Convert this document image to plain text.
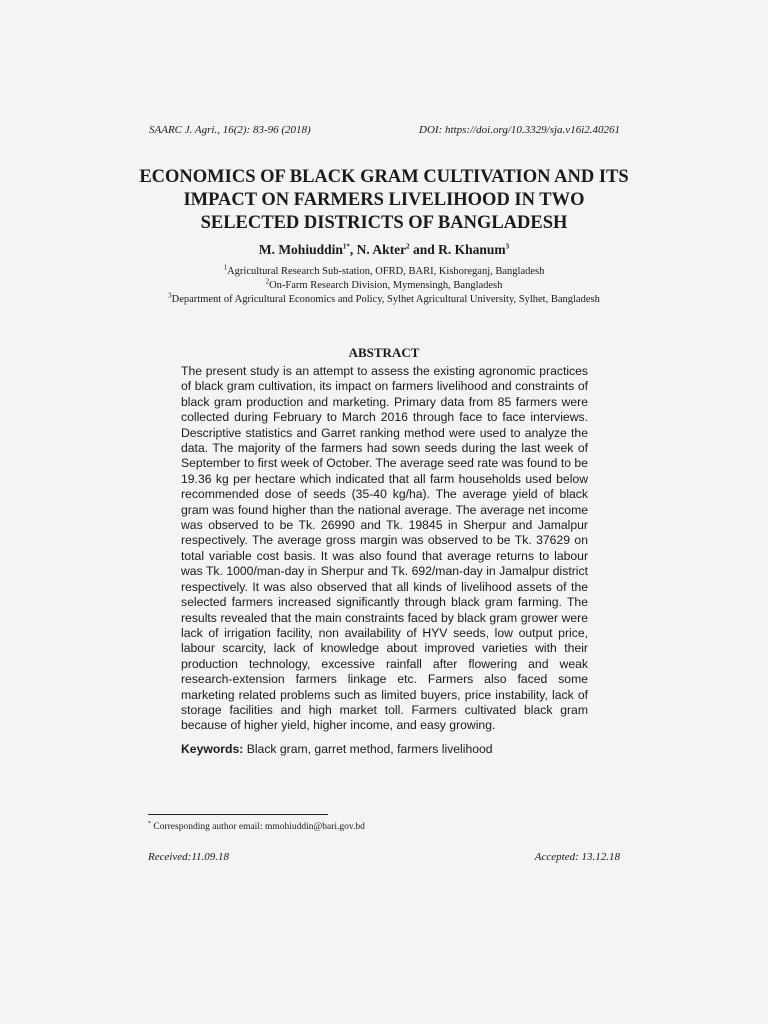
SAARC J. Agri., 16(2): 83-96 (2018)	DOI: https://doi.org/10.3329/sja.v16i2.40261
ECONOMICS OF BLACK GRAM CULTIVATION AND ITS
IMPACT ON FARMERS LIVELIHOOD IN TWO
SELECTED DISTRICTS OF BANGLADESH
M. Mohiuddin$^{1*}$, N. Akter$^2$ and R. Khanum$^3$
$^1$Agricultural Research Sub-station, OFRD, BARI, Kishoreganj, Bangladesh
$^2$On-Farm Research Division, Mymensingh, Bangladesh
$^3$Department of Agricultural Economics and Policy, Sylhet Agricultural University, Sylhet, Bangladesh
ABSTRACT

The present study is an attempt to assess the existing agronomic practices of black gram cultivation, its impact on farmers livelihood and constraints of black gram production and marketing. Primary data from 85 farmers were collected during February to March 2016 through face to face interviews. Descriptive statistics and Garret ranking method were used to analyze the data. The majority of the farmers had sown seeds during the last week of September to first week of October. The average seed rate was found to be 19.36 kg per hectare which indicated that all farm households used below recommended dose of seeds (35-40 kg/ha). The average yield of black gram was found higher than the national average. The average net income was observed to be Tk. 26990 and Tk. 19845 in Sherpur and Jamalpur respectively. The average gross margin was observed to be Tk. 37629 on total variable cost basis. It was also found that average returns to labour was Tk. 1000/man-day in Sherpur and Tk. 692/man-day in Jamalpur district respectively. It was also observed that all kinds of livelihood assets of the selected farmers increased significantly through black gram farming. The results revealed that the main constraints faced by black gram grower were lack of irrigation facility, non availability of HYV seeds, low output price, labour scarcity, lack of knowledge about improved varieties with their production technology, excessive rainfall after flowering and weak research-extension farmers linkage etc. Farmers also faced some marketing related problems such as limited buyers, price instability, lack of storage facilities and high market toll. Farmers cultivated black gram because of higher yield, higher income, and easy growing.

Keywords: Black gram, garret method, farmers livelihood

* Corresponding author email: mmohiuddin@bari.gov.bd
Received:11.09.18	Accepted: 13.12.18
